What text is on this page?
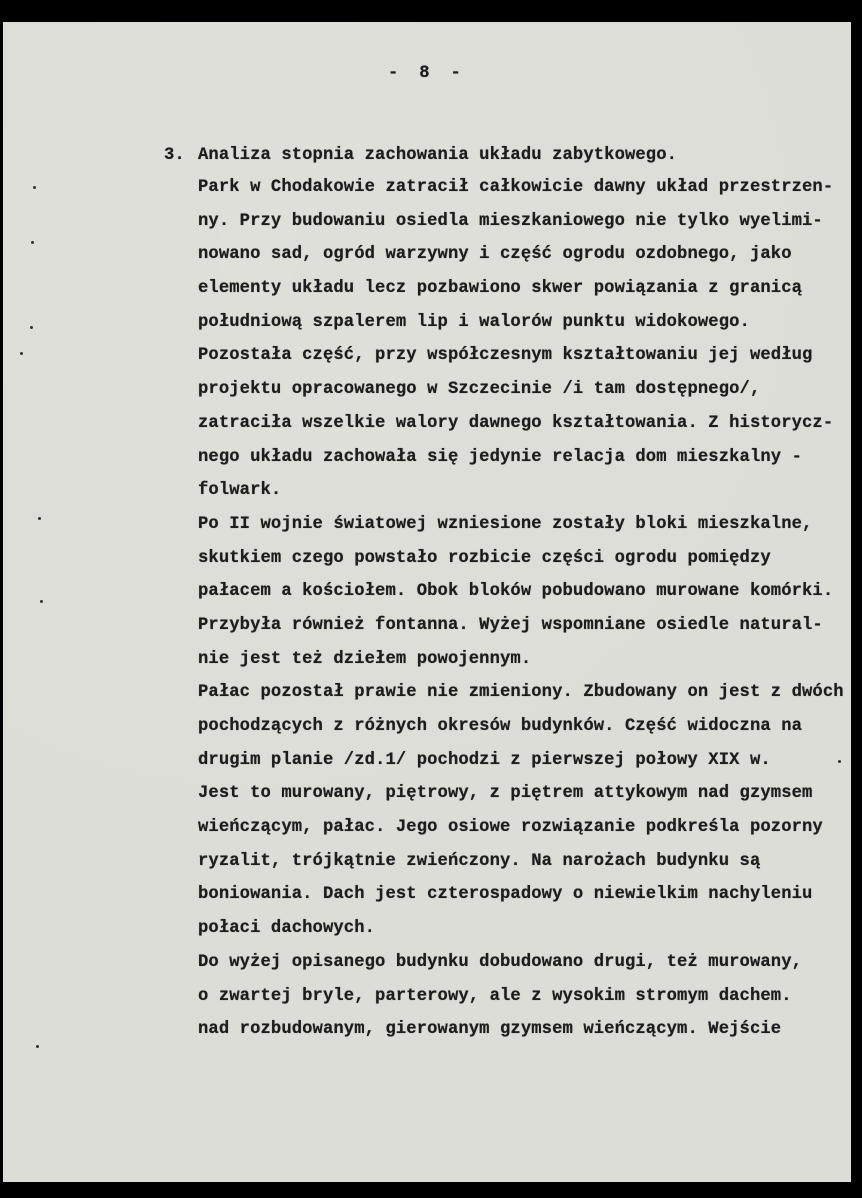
-  8  -
3. Analiza stopnia zachowania układu zabytkowego.
Park w Chodakowie zatracił całkowicie dawny układ przestrzen-
ny. Przy budowaniu osiedla mieszkaniowego nie tylko wyelimi-
nowano sad, ogród warzywny i część ogrodu ozdobnego, jako
elementy układu lecz pozbawiono skwer powiązania z granicą
południową szpalerem lip i walorów punktu widokowego.
Pozostała część, przy współczesnym kształtowaniu jej według
projektu opracowanego w Szczecinie /i tam dostępnego/,
zatraciła wszelkie walory dawnego kształtowania. Z historycz-
nego układu zachowała się jedynie relacja dom mieszkalny -
folwark.
Po II wojnie światowej wzniesione zostały bloki mieszkalne,
skutkiem czego powstało rozbicie części ogrodu pomiędzy
pałacem a kościołem. Obok bloków pobudowano murowane komórki.
Przybyła również fontanna. Wyżej wspomniane osiedle natural-
nie jest też dziełem powojennym.
Pałac pozostał prawie nie zmieniony. Zbudowany on jest z dwóch
pochodzących z różnych okresów budynków. Część widoczna na
drugim planie /zd.1/ pochodzi z pierwszej połowy XIX w.
Jest to murowany, piętrowy, z piętrem attykowym nad gzymsem
wieńczącym, pałac. Jego osiowe rozwiązanie podkreśla pozorny
ryzalit, trójkątnie zwieńczony. Na narożach budynku są
boniowania. Dach jest czterospadowy o niewielkim nachyleniu
połaci dachowych.
Do wyżej opisanego budynku dobudowano drugi, też murowany,
o zwartej bryle, parterowy, ale z wysokim stromym dachem.
nad rozbudowanym, gierowanym gzymsem wieńczącym. Wejście
